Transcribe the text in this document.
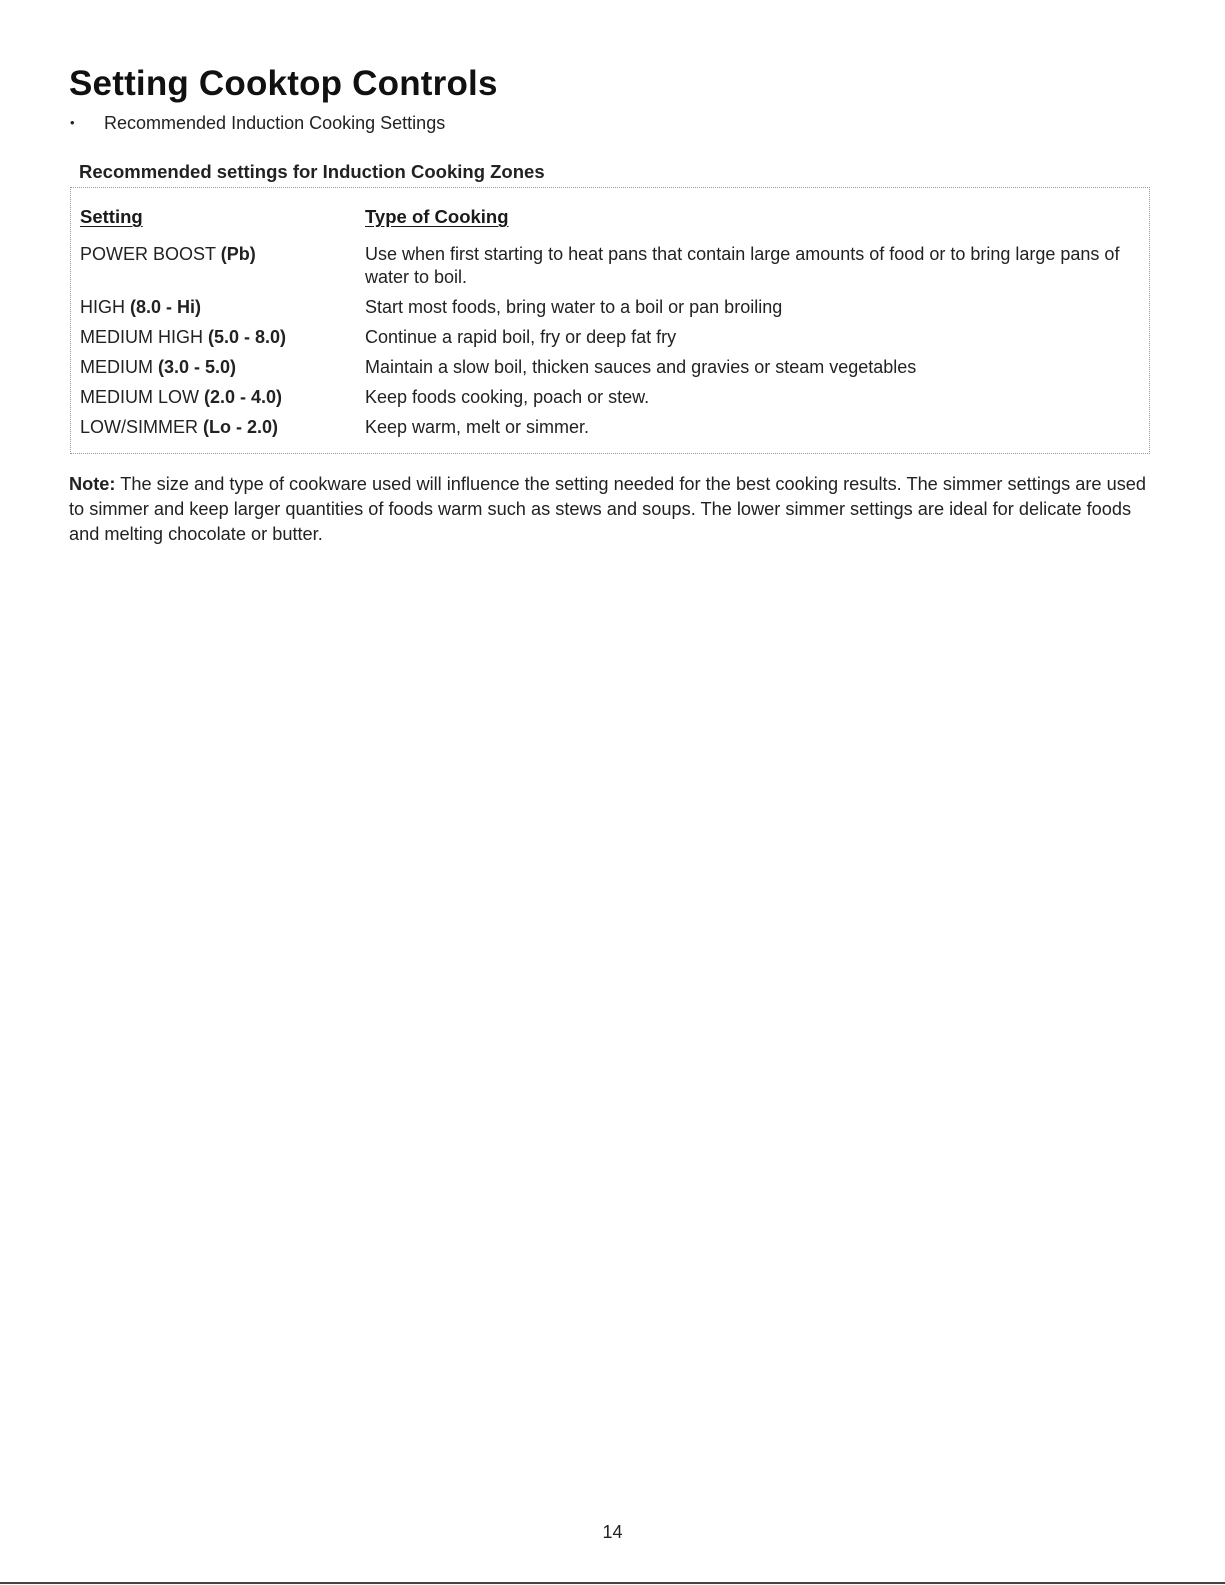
Setting Cooktop Controls
• Recommended Induction Cooking Settings
Recommended settings for Induction Cooking Zones
Setting	Type of Cooking
POWER BOOST (Pb)	Use when first starting to heat pans that contain large amounts of food or to bring large pans of water to boil.
HIGH (8.0 - Hi)	Start most foods, bring water to a boil or pan broiling
MEDIUM HIGH (5.0 - 8.0)	Continue a rapid boil, fry or deep fat fry
MEDIUM (3.0 - 5.0)	Maintain a slow boil, thicken sauces and gravies or steam vegetables
MEDIUM LOW (2.0 - 4.0)	Keep foods cooking, poach or stew.
LOW/SIMMER (Lo - 2.0)	Keep warm, melt or simmer.
Note: The size and type of cookware used will influence the setting needed for the best cooking results. The simmer settings are used to simmer and keep larger quantities of foods warm such as stews and soups. The lower simmer settings are ideal for delicate foods and melting chocolate or butter.
14
